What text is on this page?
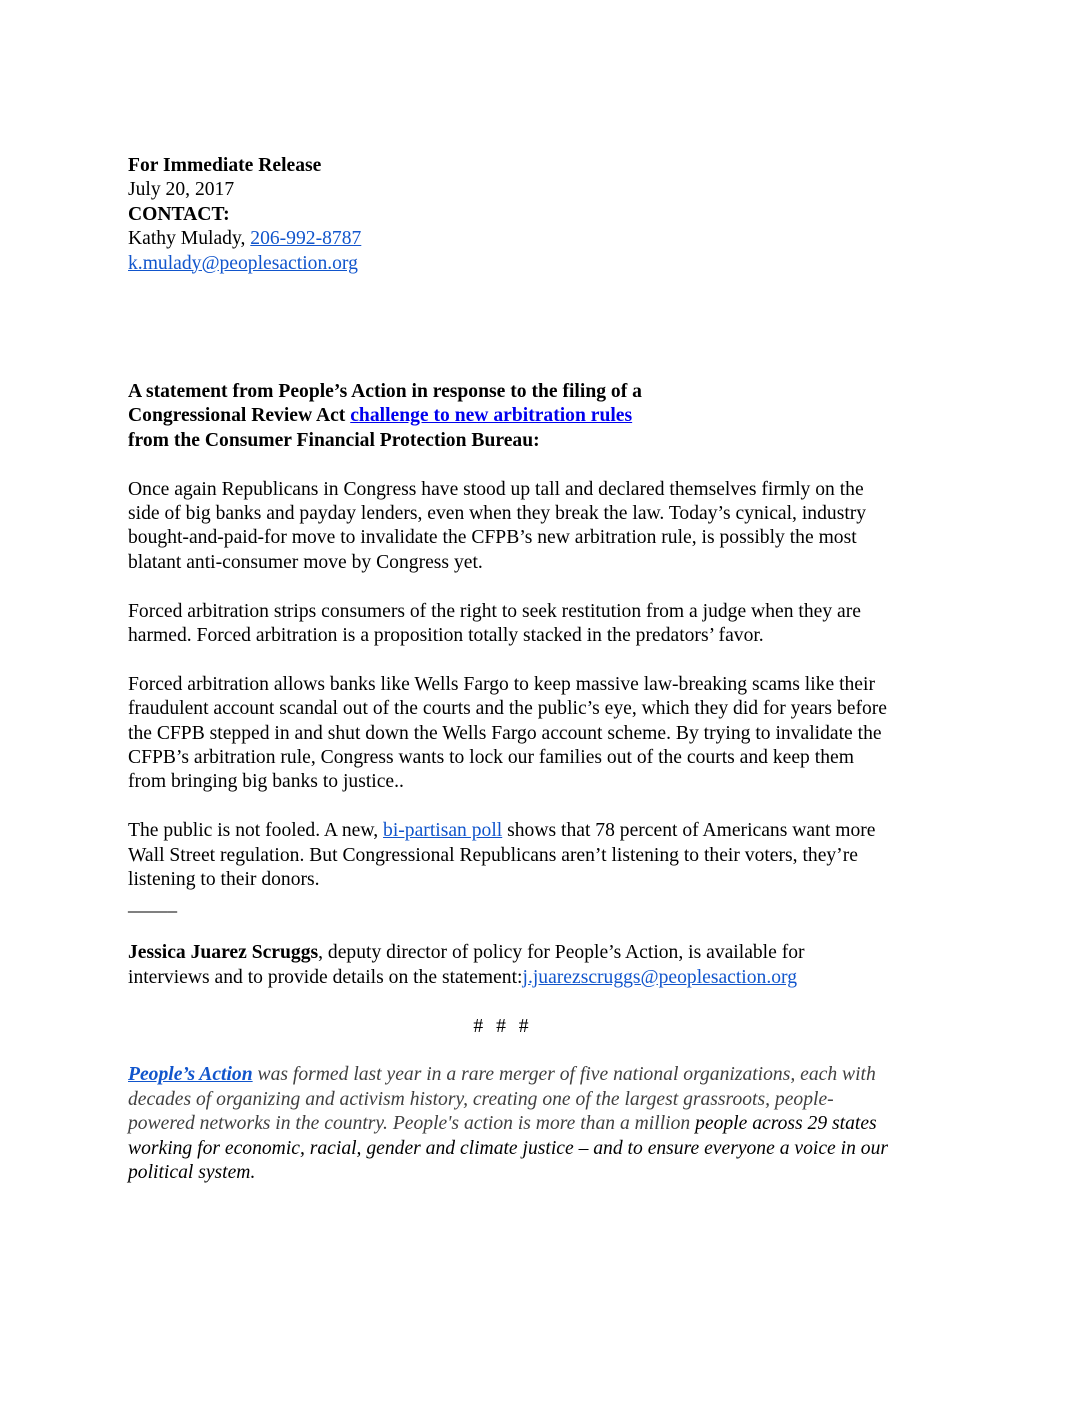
For Immediate Release
July 20, 2017
CONTACT:
Kathy Mulady, 206-992-8787
k.mulady@peoplesaction.org
A statement from People’s Action in response to the filing of a
Congressional Review Act challenge to new arbitration rules
from the Consumer Financial Protection Bureau:

Once again Republicans in Congress have stood up tall and declared themselves firmly on the
side of big banks and payday lenders, even when they break the law. Today’s cynical, industry
bought-and-paid-for move to invalidate the CFPB’s new arbitration rule, is possibly the most
blatant anti-consumer move by Congress yet.

Forced arbitration strips consumers of the right to seek restitution from a judge when they are
harmed. Forced arbitration is a proposition totally stacked in the predators’ favor.

Forced arbitration allows banks like Wells Fargo to keep massive law-breaking scams like their
fraudulent account scandal out of the courts and the public’s eye, which they did for years before
the CFPB stepped in and shut down the Wells Fargo account scheme. By trying to invalidate the
CFPB’s arbitration rule, Congress wants to lock our families out of the courts and keep them
from bringing big banks to justice..

The public is not fooled. A new, bi-partisan poll shows that 78 percent of Americans want more
Wall Street regulation. But Congressional Republicans aren’t listening to their voters, they’re
listening to their donors.

_____

Jessica Juarez Scruggs, deputy director of policy for People’s Action, is available for
interviews and to provide details on the statement:j.juarezscruggs@peoplesaction.org

# # #

People’s Action was formed last year in a rare merger of five national organizations, each with
decades of organizing and activism history, creating one of the largest grassroots, people-
powered networks in the country. People's action is more than a million people across 29 states
working for economic, racial, gender and climate justice – and to ensure everyone a voice in our
political system.
